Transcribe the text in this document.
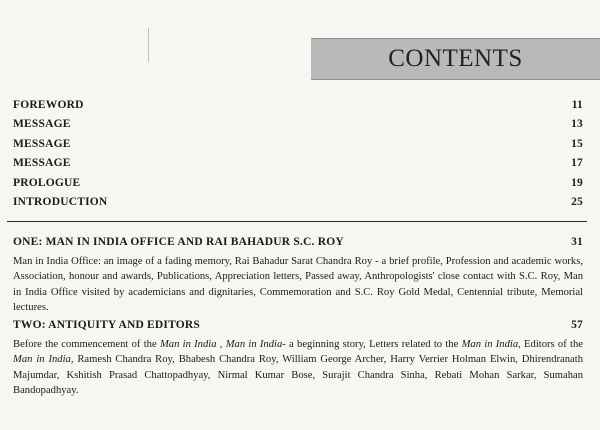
CONTENTS
FOREWORD	11
MESSAGE	13
MESSAGE	15
MESSAGE	17
PROLOGUE	19
INTRODUCTION	25
ONE: MAN IN INDIA OFFICE AND RAI BAHADUR S.C. ROY	31
Man in India Office: an image of a fading memory, Rai Bahadur Sarat Chandra Roy - a brief profile, Profession and academic works, Association, honour and awards, Publications, Appreciation letters, Passed away, Anthropologists' close contact with S.C. Roy, Man in India Office visited by academicians and dignitaries, Commemoration and S.C. Roy Gold Medal, Centennial tribute, Memorial lectures.
TWO: ANTIQUITY AND EDITORS	57
Before the commencement of the Man in India , Man in India- a beginning story, Letters related to the Man in India, Editors of the Man in India, Ramesh Chandra Roy, Bhabesh Chandra Roy, William George Archer, Harry Verrier Holman Elwin, Dhirendranath Majumdar, Kshitish Prasad Chattopadhyay, Nirmal Kumar Bose, Surajit Chandra Sinha, Rebati Mohan Sarkar, Sumahan Bandopadhyay.
